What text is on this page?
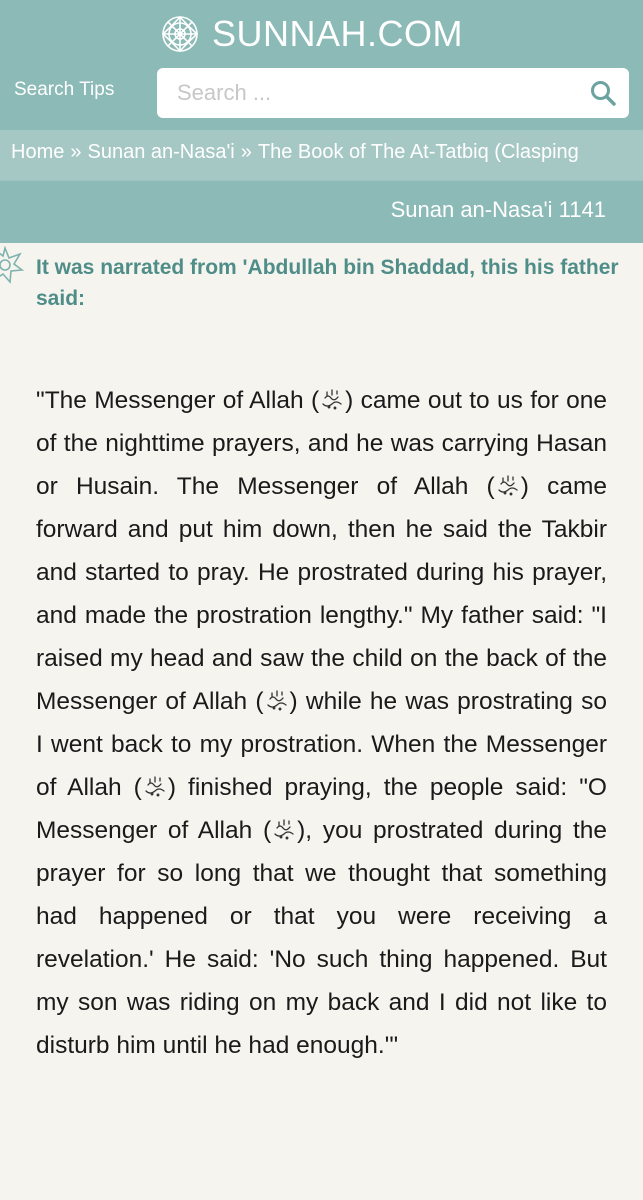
SUNNAH.COM
Search Tips
Search ...
Home » Sunan an-Nasa'i » The Book of The At-Tatbiq (Clasping
Sunan an-Nasa'i 1141
It was narrated from 'Abdullah bin Shaddad, this his father said:
"The Messenger of Allah ( ) came out to us for one of the nighttime prayers, and he was carrying Hasan or Husain. The Messenger of Allah ( ) came forward and put him down, then he said the Takbir and started to pray. He prostrated during his prayer, and made the prostration lengthy." My father said: "I raised my head and saw the child on the back of the Messenger of Allah ( ) while he was prostrating so I went back to my prostration. When the Messenger of Allah ( ) finished praying, the people said: "O Messenger of Allah ( ), you prostrated during the prayer for so long that we thought that something had happened or that you were receiving a revelation.' He said: 'No such thing happened. But my son was riding on my back and I did not like to disturb him until he had enough.'"
